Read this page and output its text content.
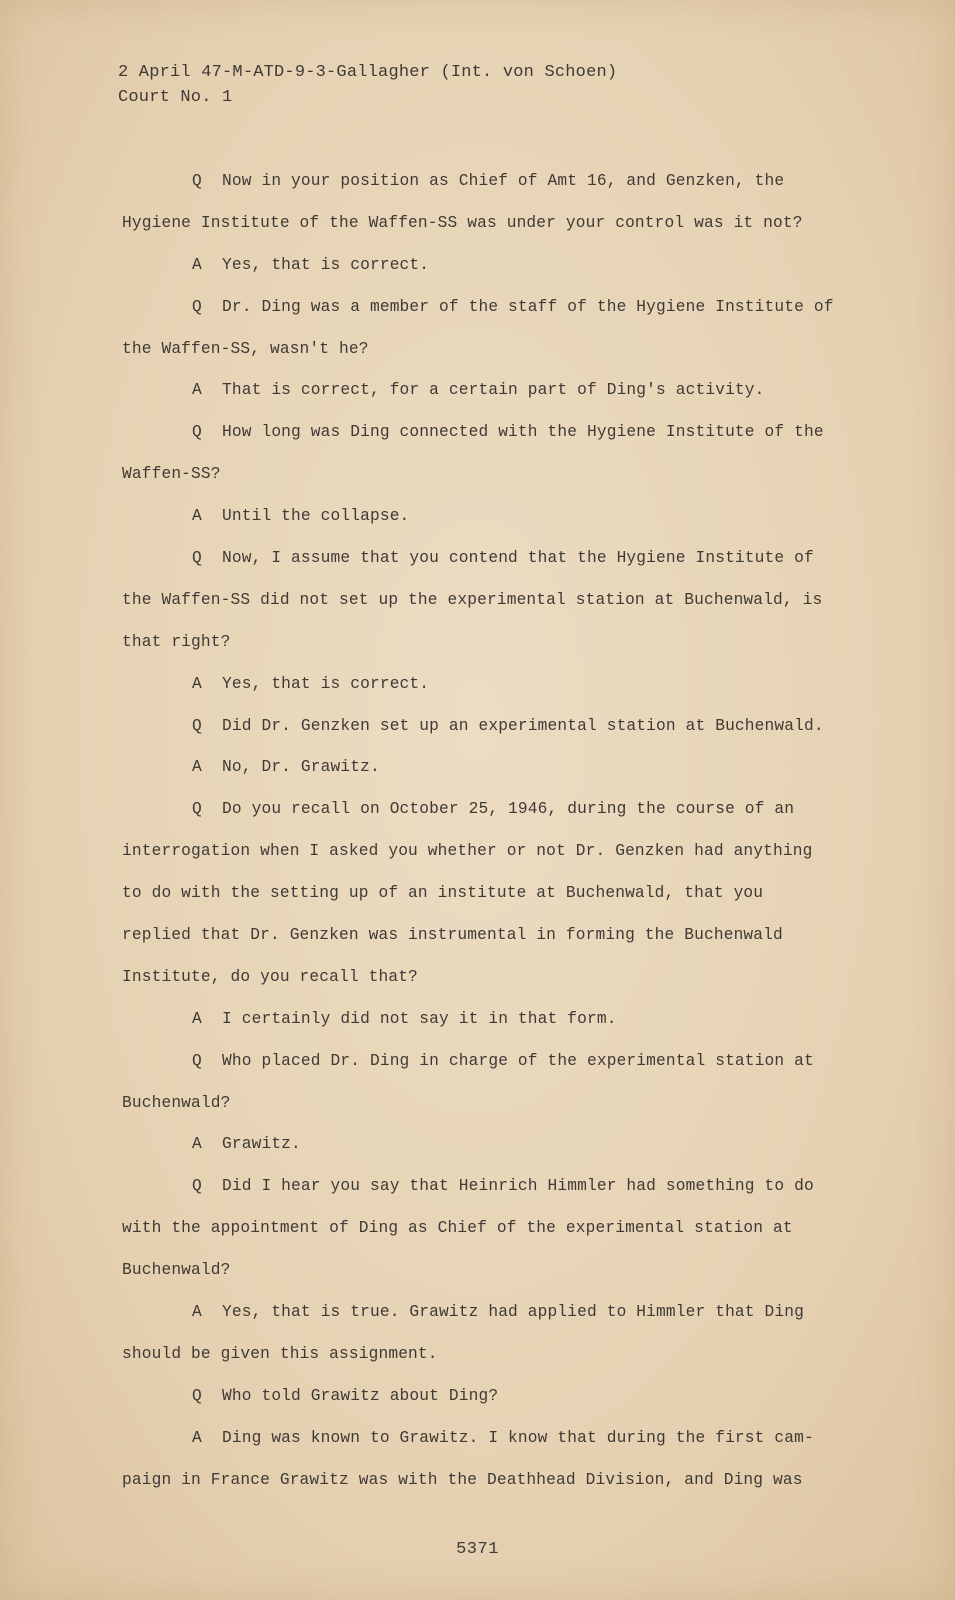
2 April 47-M-ATD-9-3-Gallagher (Int. von Schoen)
Court No. 1
Q Now in your position as Chief of Amt 16, and Genzken, the
Hygiene Institute of the Waffen-SS was under your control was it not?
A Yes, that is correct.
Q Dr. Ding was a member of the staff of the Hygiene Institute of
the Waffen-SS, wasn't he?
A That is correct, for a certain part of Ding's activity.
Q How long was Ding connected with the Hygiene Institute of the
Waffen-SS?
A Until the collapse.
Q Now, I assume that you contend that the Hygiene Institute of
the Waffen-SS did not set up the experimental station at Buchenwald, is
that right?
A Yes, that is correct.
Q Did Dr. Genzken set up an experimental station at Buchenwald.
A No, Dr. Grawitz.
Q Do you recall on October 25, 1946, during the course of an
interrogation when I asked you whether or not Dr. Genzken had anything
to do with the setting up of an institute at Buchenwald, that you
replied that Dr. Genzken was instrumental in forming the Buchenwald
Institute, do you recall that?
A I certainly did not say it in that form.
Q Who placed Dr. Ding in charge of the experimental station at
Buchenwald?
A Grawitz.
Q Did I hear you say that Heinrich Himmler had something to do
with the appointment of Ding as Chief of the experimental station at
Buchenwald?
A Yes, that is true. Grawitz had applied to Himmler that Ding
should be given this assignment.
Q Who told Grawitz about Ding?
A Ding was known to Grawitz. I know that during the first cam-
paign in France Grawitz was with the Deathhead Division, and Ding was
5371
